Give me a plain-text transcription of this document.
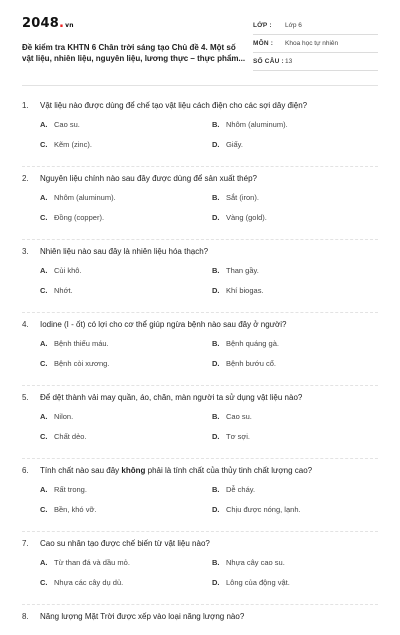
2048.vn
Đề kiểm tra KHTN 6 Chân trời sáng tạo Chủ đề 4. Một số vật liệu, nhiên liệu, nguyên liệu, lương thực – thực phẩm...
LỚP :	Lớp 6
MÔN :	Khoa học tự nhiên
SỐ CÂU : 13
1.	Vật liệu nào được dùng để chế tạo vật liệu cách điện cho các sợi dây điện?
A. Cao su.	B. Nhôm (aluminum).
C. Kẽm (zinc).	D. Giấy.
2.	Nguyên liệu chính nào sau đây được dùng để sản xuất thép?
A. Nhôm (aluminum).	B. Sắt (iron).
C. Đồng (copper).	D. Vàng (gold).
3.	Nhiên liệu nào sau đây là nhiên liệu hóa thạch?
A. Củi khô.	B. Than gầy.
C. Nhớt.	D. Khí biogas.
4.	Iodine (I - ốt) có lợi cho cơ thể giúp ngừa bệnh nào sau đây ở người?
A. Bệnh thiếu máu.	B. Bệnh quáng gà.
C. Bệnh còi xương.	D. Bệnh bướu cổ.
5.	Để dệt thành vải may quần, áo, chăn, màn người ta sử dụng vật liệu nào?
A. Nilon.	B. Cao su.
C. Chất dẻo.	D. Tơ sợi.
6.	Tính chất nào sau đây không phải là tính chất của thủy tinh chất lượng cao?
A. Rất trong.	B. Dễ cháy.
C. Bền, khó vỡ.	D. Chịu được nóng, lạnh.
7.	Cao su nhân tạo được chế biến từ vật liệu nào?
A. Từ than đá và dầu mỏ.	B. Nhựa cây cao su.
C. Nhựa các cây dụ dủ.	D. Lông của động vật.
8.	Năng lượng Mặt Trời được xếp vào loại năng lượng nào?
